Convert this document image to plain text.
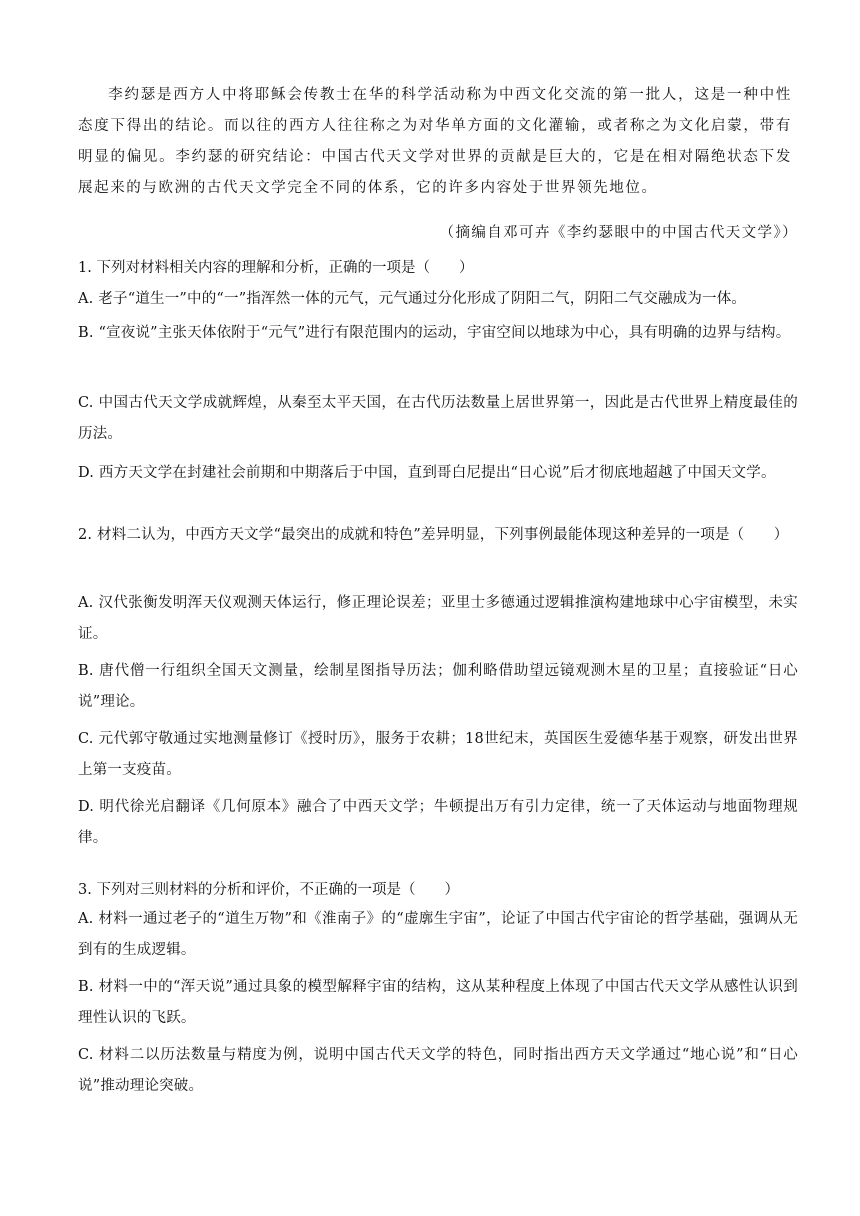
李约瑟是西方人中将耶稣会传教士在华的科学活动称为中西文化交流的第一批人，这是一种中性态度下得出的结论。而以往的西方人往往称之为对华单方面的文化灌输，或者称之为文化启蒙，带有明显的偏见。李约瑟的研究结论：中国古代天文学对世界的贡献是巨大的，它是在相对隔绝状态下发展起来的与欧洲的古代天文学完全不同的体系，它的许多内容处于世界领先地位。

（摘编自邓可卉《李约瑟眼中的中国古代天文学》）

1. 下列对材料相关内容的理解和分析，正确的一项是（　　）

A. 老子“道生一”中的“一”指浑然一体的元气，元气通过分化形成了阴阳二气，阴阳二气交融成为一体。

B. “宣夜说”主张天体依附于“元气”进行有限范围内的运动，宇宙空间以地球为中心，具有明确的边界与结构。

C. 中国古代天文学成就辉煌，从秦至太平天国，在古代历法数量上居世界第一，因此是古代世界上精度最佳的历法。

D. 西方天文学在封建社会前期和中期落后于中国，直到哥白尼提出“日心说”后才彻底地超越了中国天文学。

2. 材料二认为，中西方天文学“最突出的成就和特色”差异明显，下列事例最能体现这种差异的一项是（　　）

A. 汉代张衡发明浑天仪观测天体运行，修正理论误差；亚里士多德通过逻辑推演构建地球中心宇宙模型，未实证。

B. 唐代僧一行组织全国天文测量，绘制星图指导历法；伽利略借助望远镜观测木星的卫星；直接验证“日心说”理论。

C. 元代郭守敬通过实地测量修订《授时历》，服务于农耕；18世纪末，英国医生爱德华基于观察，研发出世界上第一支疫苗。

D. 明代徐光启翻译《几何原本》融合了中西天文学；牛顿提出万有引力定律，统一了天体运动与地面物理规律。

3. 下列对三则材料的分析和评价，不正确的一项是（　　）

A. 材料一通过老子的“道生万物”和《淮南子》的“虚廓生宇宙”，论证了中国古代宇宙论的哲学基础，强调从无到有的生成逻辑。

B. 材料一中的“浑天说”通过具象的模型解释宇宙的结构，这从某种程度上体现了中国古代天文学从感性认识到理性认识的飞跃。

C. 材料二以历法数量与精度为例，说明中国古代天文学的特色，同时指出西方天文学通过“地心说”和“日心说”推动理论突破。
